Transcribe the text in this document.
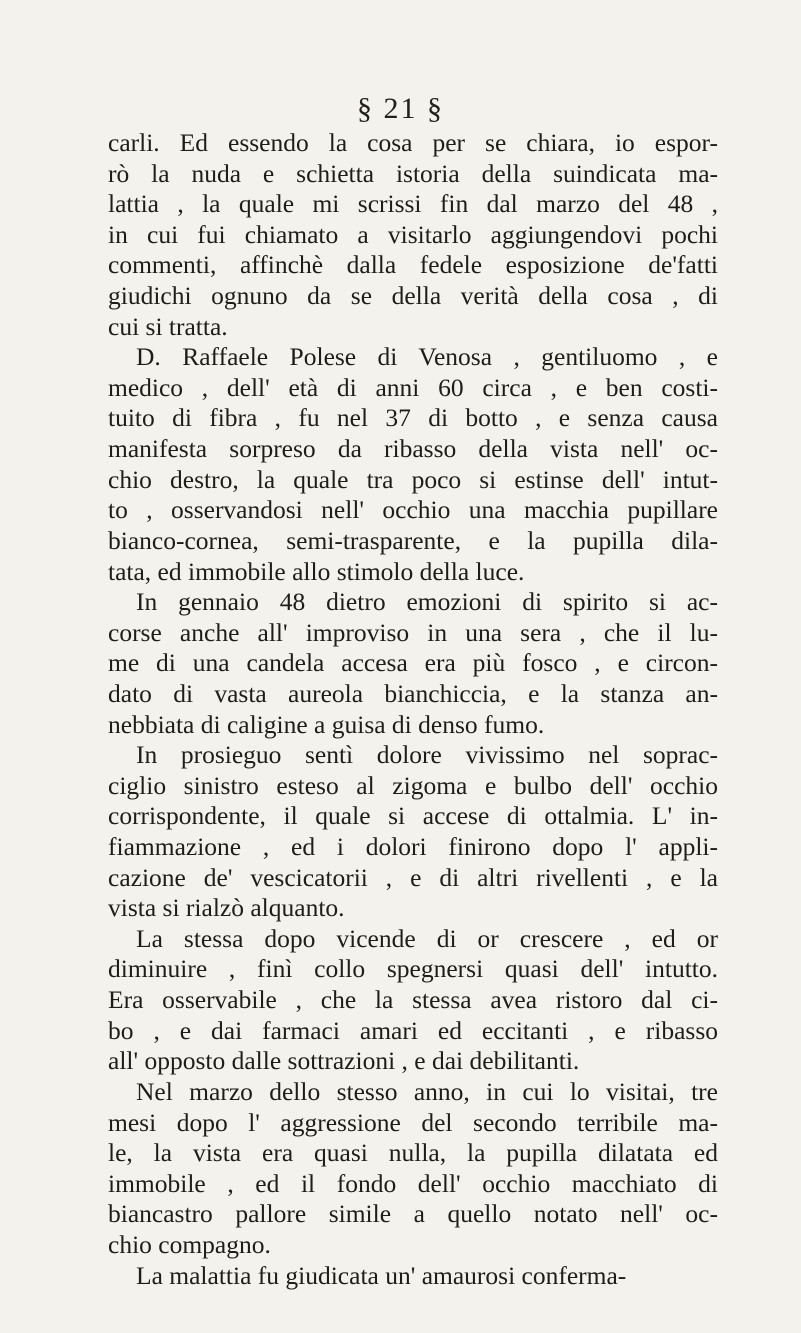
§ 21 §
carli. Ed essendo la cosa per se chiara, io espor-
rò la nuda e schietta istoria della suindicata ma-
lattia , la quale mi scrissi fin dal marzo del 48 ,
in cui fui chiamato a visitarlo aggiungendovi pochi
commenti, affinchè dalla fedele esposizione de'fatti
giudichi ognuno da se della verità della cosa , di
cui si tratta.
D. Raffaele Polese di Venosa , gentiluomo , e
medico , dell' età di anni 60 circa , e ben costi-
tuito di fibra , fu nel 37 di botto , e senza causa
manifesta sorpreso da ribasso della vista nell' oc-
chio destro, la quale tra poco si estinse dell' intut-
to , osservandosi nell' occhio una macchia pupillare
bianco-cornea, semi-trasparente, e la pupilla dila-
tata, ed immobile allo stimolo della luce.
In gennaio 48 dietro emozioni di spirito si ac-
corse anche all' improviso in una sera , che il lu-
me di una candela accesa era più fosco , e circon-
dato di vasta aureola bianchiccia, e la stanza an-
nebbiata di caligine a guisa di denso fumo.
In prosieguo sentì dolore vivissimo nel soprac-
ciglio sinistro esteso al zigoma e bulbo dell' occhio
corrispondente, il quale si accese di ottalmia. L' in-
fiammazione , ed i dolori finirono dopo l' appli-
cazione de' vescicatorii , e di altri rivellenti , e la
vista si rialzò alquanto.
La stessa dopo vicende di or crescere , ed or
diminuire , finì collo spegnersi quasi dell' intutto.
Era osservabile , che la stessa avea ristoro dal ci-
bo , e dai farmaci amari ed eccitanti , e ribasso
all' opposto dalle sottrazioni , e dai debilitanti.
Nel marzo dello stesso anno, in cui lo visitai, tre
mesi dopo l' aggressione del secondo terribile ma-
le, la vista era quasi nulla, la pupilla dilatata ed
immobile , ed il fondo dell' occhio macchiato di
biancastro pallore simile a quello notato nell' oc-
chio compagno.
La malattia fu giudicata un' amaurosi conferma-
